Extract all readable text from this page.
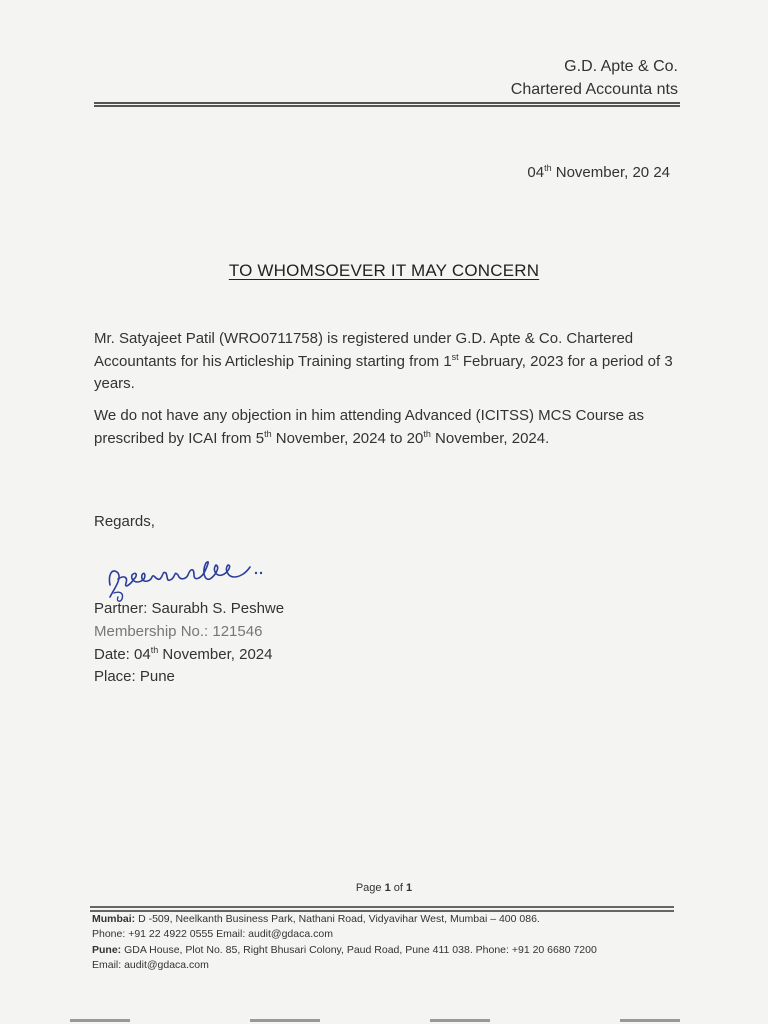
G.D. Apte & Co.
Chartered Accounta nts
04th November, 20 24
TO WHOMSOEVER IT MAY CONCERN
Mr. Satyajeet Patil (WRO0711758) is registered under G.D. Apte & Co. Chartered Accountants for his Articleship Training starting from 1st February, 2023 for a period of 3 years.
We do not have any objection in him attending Advanced (ICITSS) MCS Course as prescribed by ICAI from 5th November, 2024 to 20th November, 2024.
Regards,
Partner: Saurabh S. Peshwe
Membership No.: 121546
Date: 04th November, 2024
Place: Pune
Page 1 of 1
Mumbai: D -509, Neelkanth Business Park, Nathani Road, Vidyavihar West, Mumbai – 400 086.
Phone: +91 22 4922 0555 Email: audit@gdaca.com
Pune: GDA House, Plot No. 85, Right Bhusari Colony, Paud Road, Pune 411 038. Phone: +91 20 6680 7200
Email: audit@gdaca.com
